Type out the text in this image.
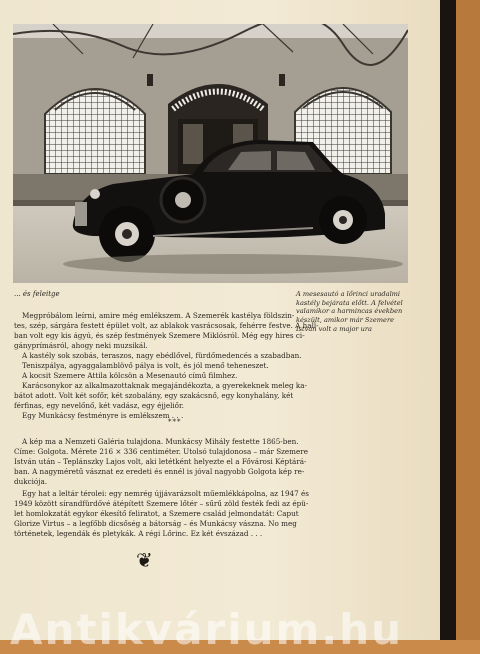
... és feleitge	A mesesautó a lőrinci uradalmi
kastély bejárata előtt. A felvétel
valamikor a harmincas években
készült, amikor már Szemere
István volt a major ura
Megpróbálom leírni, amire még emlékszem. A Szemerék kastélya földszin-
tes, szép, sárgára festett épület volt, az ablakok vasrácsosak, fehérre festve. A hall-
ban volt egy kis ágyú, és szép festmények Szemere Miklósról. Még egy hires ci-
gányprímásról, ahogy neki muzsikál.
A kastély sok szobás, teraszos, nagy ebédlővel, fürdőmedencés a szabadban.
Teniszpálya, agyaggalamblövő pálya is volt, és jól menő teheneszet.
A kocsit Szemere Attila kölcsön a Mesenautó című filmhez.
Karácsonykor az alkalmazottaknak megajándékozta, a gyerekeknek meleg ka-
bátot adott. Volt két sofőr, két szobalány, egy szakácsnő, egy konyhalány, két
férfinas, egy nevelőnő, két vadász, egy éjjeliőr.
Egy Munkácsy festményre is emlékszem . . .
***
A kép ma a Nemzeti Galéria tulajdona. Munkácsy Mihály festette 1865-ben.
Címe: Golgota. Mérete 216 × 336 centiméter. Utolsó tulajdonosa – már Szemere
István után – Teplánszky Lajos volt, aki letétként helyezte el a Fővárosi Képtárá-
ban. A nagyméretű vásznat ez eredeti és ennél is jóval nagyobb Golgota kép re-
dukciója.
Egy hat a leltár térolei: egy nemrég újjávarázsolt műemlékkápolna, az 1947 és
1949 között sírandfürdővé átépített Szemere lőtér – sűrű zöld festék fedi az épü-
let homlokzatát egykor ékesítő feliratot, a Szemere család jelmondatát: Caput
Glorize Virtus – a legfőbb dicsőség a bátorság – és Munkácsy vászna. No meg
történetek, legendák és pletykák. A régi Lőrinc. Ez két évszázad . . .
❦
Antikvárium.hu
